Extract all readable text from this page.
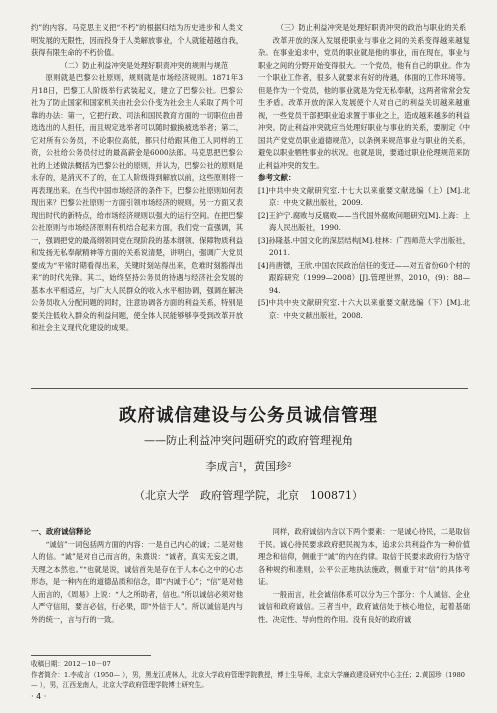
约”的内容。马克思主义把“不朽”的根据归结为历史进步和人类文明发展的无限性，因而投身于人类解放事业，个人就能超越自我，获得有限生命的不朽价值。

（二）防止利益冲突是处理好职责冲突的规则与规范

原则就是巴黎公社原则，规则就是市场经济规则。1871年3月18日，巴黎工人阶级举行武装起义，建立了巴黎公社。巴黎公社为了防止国家和国家机关由社会公仆变为社会主人采取了两个可靠的办法：第一，它把行政、司法和国民教育方面的一切职位由普选选出的人担任，而且规定选举者可以随时撤换被选举者；第二，它对所有公务员，不论职位高低，都只付给跟其他工人同样的工资，公社给公务员付过的最高薪金是6000法郎。马克思把巴黎公社的上述做法概括为巴黎公社的原则，并认为，巴黎公社的原则是永存的，是消灭不了的，在工人阶级得到解放以前，这些原则将一再表现出来。在当代中国市场经济的条件下，巴黎公社原则如何表现出来？巴黎公社原则一方面引领市场经济的规则，另一方面又表现出时代的新特点，给市场经济规则以强大的运行空间。在把巴黎公社原则与市场经济原则有机结合起来方面，我们党一直强调，其一，强调把党的最高纲领同党在现阶段的基本纲领、保障物质利益和发扬无私奉献精神等方面的关系说清楚，讲明白，强调广大党员要成为“平常时期看得出来，关键时刻站得出来，危难时刻豁得出来”的时代先锋。其二，始终坚持公务员的待遇与经济社会发展的基本水平相适应，与广大人民群众的收入水平相协调，强调在解决公务员收入分配问题的同时，注意协调各方面的利益关系，特别是要关注低收入群众的利益问题，使全体人民能够够享受到改革开放和社会主义现代化建设的成果。

（三）防止利益冲突是处理好职责冲突的政治与职业的关系

改革开放的深入发展使职业与事业之间的关系变得越来越复杂。在事业追求中，党员的职业就是他的事业，而在现在，事业与职业之间的分野开始变得很大。一个党员，他有自己的职业。作为一个职业工作者，很多人就要求有好的待遇，体面的工作环境等。但是作为一个党员，他的事业就是为党无私奉献，这两者常常会发生矛盾。改革开放的深入发展使个人对自己的利益关切越来越重视，一些党员干部把职业追求置于事业之上，造成越来越多的利益冲突。防止利益冲突就应当处理好职业与事业的关系，要制定《中国共产党党员职业道德规范》，以条例来规范事业与职业的关系，避免以职业牺牲事业的状况。也就是说，要通过职业伦理规范来防止利益冲突的发生。

参考文献：

[1]中共中央文献研究室.十七大以来重要文献选编（上）[M].北京：中央文献出版社，2009.

[2]王沪宁.腐败与反腐败——当代国外腐败问题研究[M].上海：上海人民出版社，1990.

[3]孙隆基.中国文化的深层结构[M].桂林：广西师范大学出版社，2011.

[4]肖唐镖，王欣.中国农民政治信任的变迁——对五省份60个村的跟踪研究（1999—2008）[J].管理世界，2010，(9)：88—94.

[5]中共中央文献研究室.十六大以来重要文献选编（下）[M].北京：中央文献出版社，2008.

政府诚信建设与公务员诚信管理

——防止利益冲突问题研究的政府管理视角

李成言¹，黄国珍²

（北京大学　政府管理学院，北京　100871）

一、政府诚信释论

“诚信”一词包括两方面的内容：一是自己内心的诚；二是对他人的信。“诚”是对自己而言的，朱熹说：“诚者，真实无妄之谓，天理之本然也。”“也就是说，诚信首先是存在于人本心之中的心志形态，是一种内在的道德品质和信念，即“内诚于心”；“信”是对他人而言的，《周易》上说：“人之所助者，信也。”所以诚信必须对他人严守信用，要言必信，行必果，即“外信于人”。所以诚信是内与外的统一，言与行的一致。

同样，政府诚信内含以下两个要素：一是诚心待民，二是取信于民。诚心待民要求政府把民视为本，追求公共利益作为一种价值理念和信仰，侧重于“诚”的内在约律。取信于民要求政府行为恪守各种规约和准则，公平公正地执法施政，侧重于对“信”的具体考证。

一般而言，社会诚信体系可以分为三个部分：个人诚信、企业诚信和政府诚信。三者当中，政府诚信处于核心地位，起着基础性、决定性、导向性的作用。没有良好的政府诚

收稿日期：2012－10－07

作者简介：1.李成言（1950— ），男，黑龙江虎林人，北京大学政府管理学院教授，博士生导师，北京大学廉政建设研究中心主任；2.黄国珍（1980— ），男，江西龙南人，北京大学政府管理学院博士研究生。

· 4 ·
